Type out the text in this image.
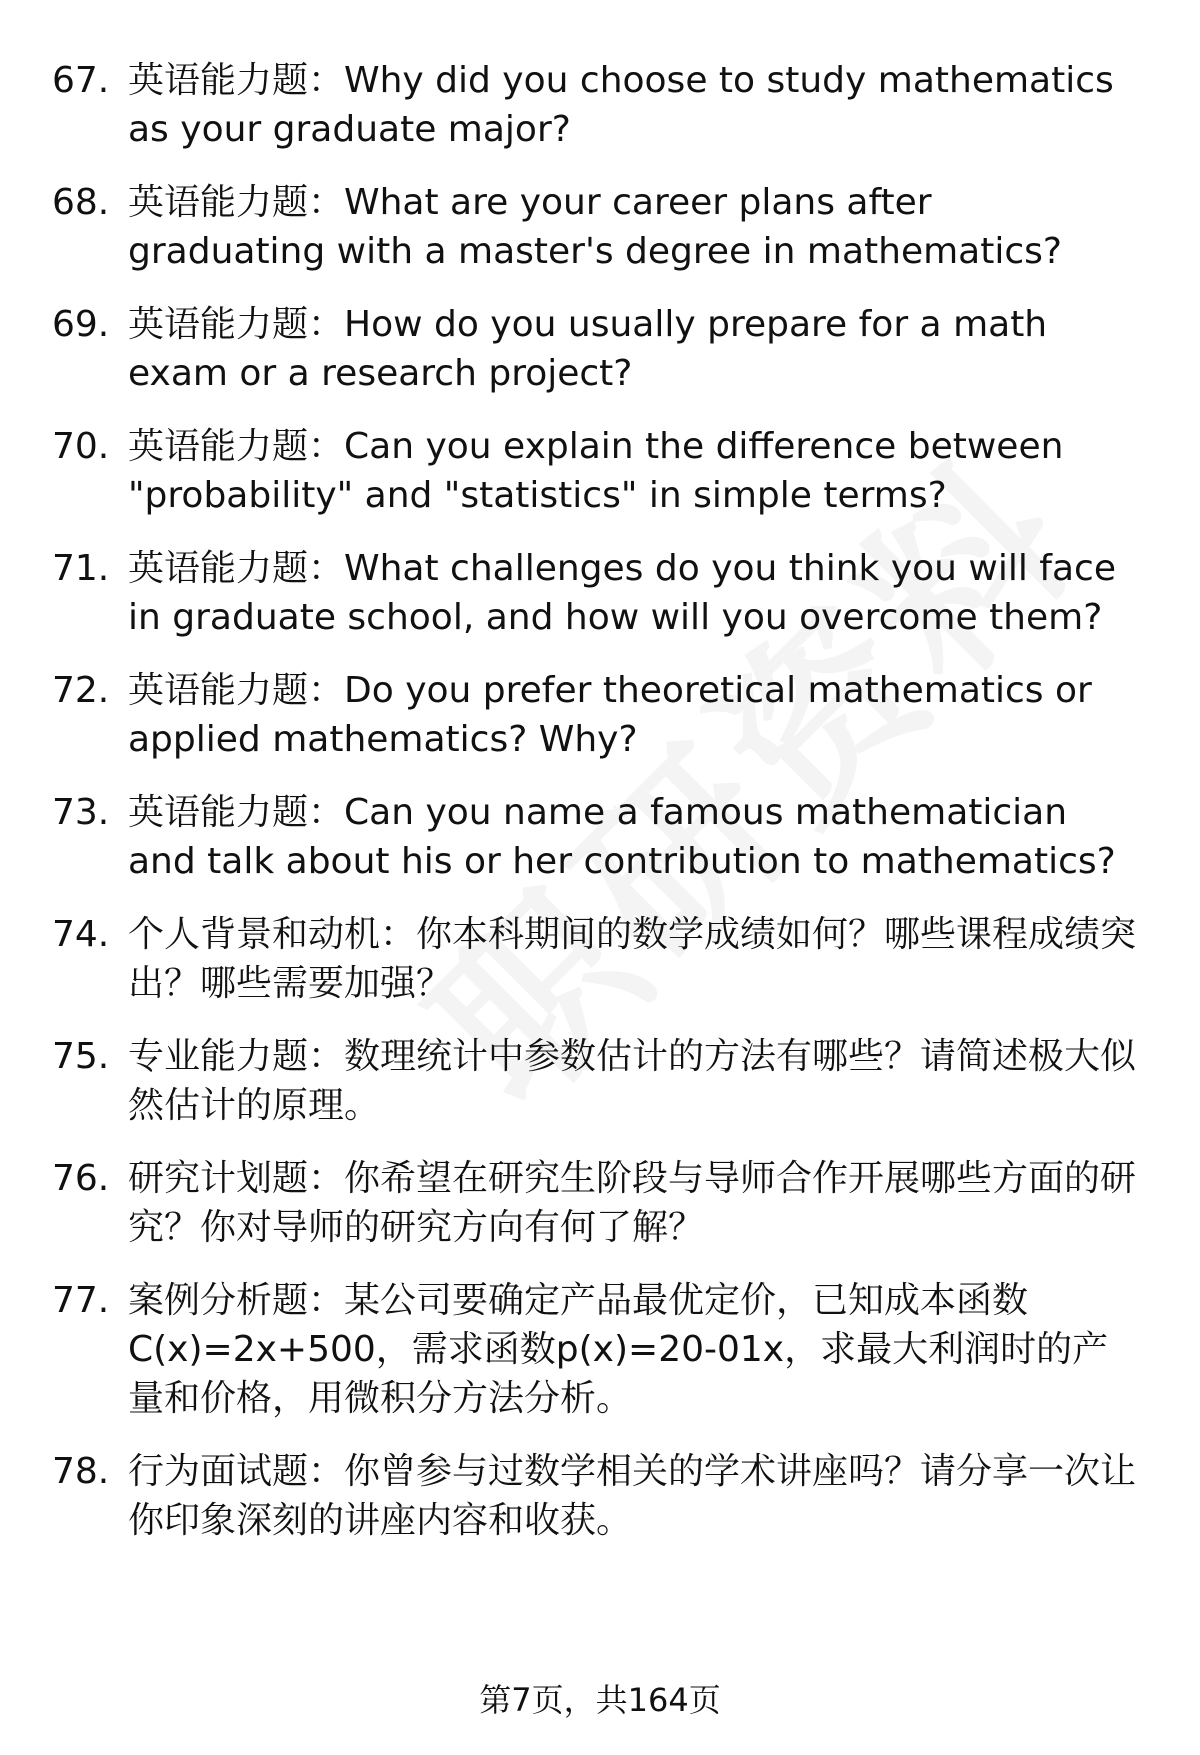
67. 英语能力题：Why did you choose to study mathematics as your graduate major?
68. 英语能力题：What are your career plans after graduating with a master's degree in mathematics?
69. 英语能力题：How do you usually prepare for a math exam or a research project?
70. 英语能力题：Can you explain the difference between "probability" and "statistics" in simple terms?
71. 英语能力题：What challenges do you think you will face in graduate school, and how will you overcome them?
72. 英语能力题：Do you prefer theoretical mathematics or applied mathematics? Why?
73. 英语能力题：Can you name a famous mathematician and talk about his or her contribution to mathematics?
74. 个人背景和动机：你本科期间的数学成绩如何？哪些课程成绩突出？哪些需要加强？
75. 专业能力题：数理统计中参数估计的方法有哪些？请简述极大似然估计的原理。
76. 研究计划题：你希望在研究生阶段与导师合作开展哪些方面的研究？你对导师的研究方向有何了解？
77. 案例分析题：某公司要确定产品最优定价，已知成本函数C(x)=2x+500，需求函数p(x)=20-01x，求最大利润时的产量和价格，用微积分方法分析。
78. 行为面试题：你曾参与过数学相关的学术讲座吗？请分享一次让你印象深刻的讲座内容和收获。
第7页，共164页
